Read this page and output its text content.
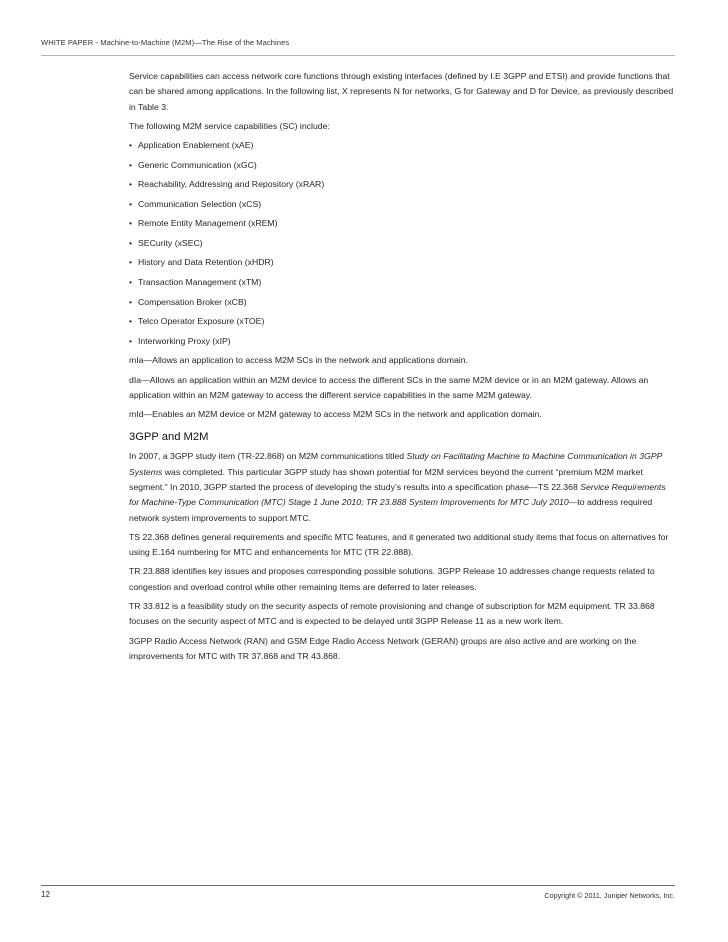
WHITE PAPER - Machine-to-Machine (M2M)—The Rise of the Machines

Service capabilities can access network core functions through existing interfaces (defined by I.E 3GPP and ETSI) and provide functions that can be shared among applications. In the following list, X represents N for networks, G for Gateway and D for Device, as previously described in Table 3.

The following M2M service capabilities (SC) include:

• Application Enablement (xAE)
• Generic Communication (xGC)
• Reachability, Addressing and Repository (xRAR)
• Communication Selection (xCS)
• Remote Entity Management (xREM)
• SECurity (xSEC)
• History and Data Retention (xHDR)
• Transaction Management (xTM)
• Compensation Broker (xCB)
• Telco Operator Exposure (xTOE)
• Interworking Proxy (xIP)

mIa—Allows an application to access M2M SCs in the network and applications domain.

dIa—Allows an application within an M2M device to access the different SCs in the same M2M device or in an M2M gateway. Allows an application within an M2M gateway to access the different service capabilities in the same M2M gateway.

mId—Enables an M2M device or M2M gateway to access M2M SCs in the network and application domain.

3GPP and M2M

In 2007, a 3GPP study item (TR-22.868) on M2M communications titled Study on Facilitating Machine to Machine Communication in 3GPP Systems was completed. This particular 3GPP study has shown potential for M2M services beyond the current “premium M2M market segment.” In 2010, 3GPP started the process of developing the study’s results into a specification phase—TS 22.368 Service Requirements for Machine-Type Communication (MTC) Stage 1 June 2010; TR 23.888 System Improvements for MTC July 2010—to address required network system improvements to support MTC.

TS 22.368 defines general requirements and specific MTC features, and it generated two additional study items that focus on alternatives for using E.164 numbering for MTC and enhancements for MTC (TR 22.888).

TR 23.888 identifies key issues and proposes corresponding possible solutions. 3GPP Release 10 addresses change requests related to congestion and overload control while other remaining items are deferred to later releases.

TR 33.812 is a feasibility study on the security aspects of remote provisioning and change of subscription for M2M equipment. TR 33.868 focuses on the security aspect of MTC and is expected to be delayed until 3GPP Release 11 as a new work item.

3GPP Radio Access Network (RAN) and GSM Edge Radio Access Network (GERAN) groups are also active and are working on the improvements for MTC with TR 37.868 and TR 43.868.

12	Copyright © 2011, Juniper Networks, Inc.
